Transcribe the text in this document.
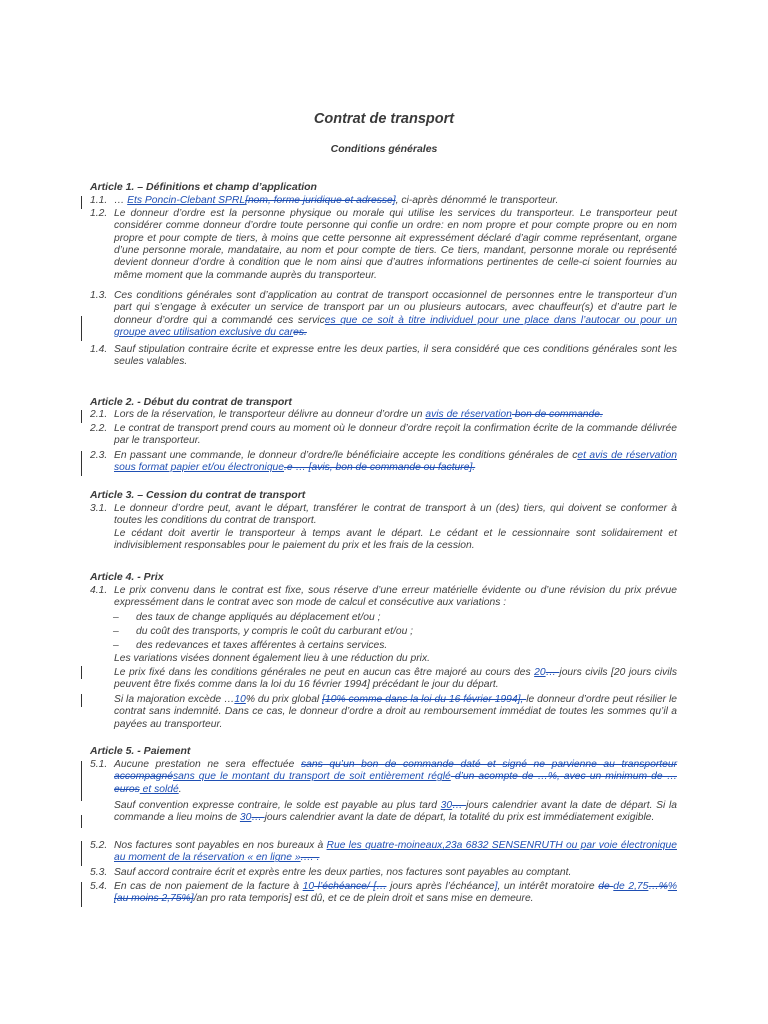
Contrat de transport
Conditions générales
Article 1. – Définitions et champ d’application
1.1. … Ets Poncin-Clebant SPRL[nom, forme juridique et adresse], ci-après dénommé le transporteur.
1.2. Le donneur d’ordre est la personne physique ou morale qui utilise les services du transporteur. Le transporteur peut considérer comme donneur d’ordre toute personne qui confie un ordre: en nom propre et pour compte propre ou en nom propre et pour compte de tiers, à moins que cette personne ait expressément déclaré d’agir comme représentant, organe d’une personne morale, mandataire, au nom et pour compte de tiers. Ce tiers, mandant, personne morale ou représenté devient donneur d’ordre à condition que le nom ainsi que d’autres informations pertinentes de celle-ci soient fournies au même moment que la commande auprès du transporteur.
1.3. Ces conditions générales sont d’application au contrat de transport occasionnel de personnes entre le transporteur d’un part qui s’engage à exécuter un service de transport par un ou plusieurs autocars, avec chauffeur(s) et d’autre part le donneur d’ordre qui a commandé ces services que ce soit à titre individuel pour une place dans l’autocar ou pour un groupe avec utilisation exclusive du cares.
1.4. Sauf stipulation contraire écrite et expresse entre les deux parties, il sera considéré que ces conditions générales sont les seules valables.
Article 2. - Début du contrat de transport
2.1. Lors de la réservation, le transporteur délivre au donneur d’ordre un avis de réservation bon de commande.
2.2. Le contrat de transport prend cours au moment où le donneur d’ordre reçoit la confirmation écrite de la commande délivrée par le transporteur.
2.3. En passant une commande, le donneur d’ordre/le bénéficiaire accepte les conditions générales de cet avis de réservation sous format papier et/ou électronique.e … [avis, bon de commande ou facture].
Article 3. – Cession du contrat de transport
3.1. Le donneur d’ordre peut, avant le départ, transférer le contrat de transport à un (des) tiers, qui doivent se conformer à toutes les conditions du contrat de transport.
Le cédant doit avertir le transporteur à temps avant le départ. Le cédant et le cessionnaire sont solidairement et indivisiblement responsables pour le paiement du prix et les frais de la cession.
Article 4. - Prix
4.1. Le prix convenu dans le contrat est fixe, sous réserve d’une erreur matérielle évidente ou d’une révision du prix prévue expressément dans le contrat avec son mode de calcul et consécutive aux variations :
– des taux de change appliqués au déplacement et/ou ;
– du coût des transports, y compris le coût du carburant et/ou ;
– des redevances et taxes afférentes à certains services.
Les variations visées donnent également lieu à une réduction du prix.
Le prix fixé dans les conditions générales ne peut en aucun cas être majoré au cours des 20… jours civils [20 jours civils peuvent être fixés comme dans la loi du 16 février 1994] précédant le jour du départ.
Si la majoration excède …10% du prix global [10% comme dans la loi du 16 février 1994], le donneur d’ordre peut résilier le contrat sans indemnité. Dans ce cas, le donneur d’ordre a droit au remboursement immédiat de toutes les sommes qu’il a payées au transporteur.
Article 5. - Paiement
5.1. Aucune prestation ne sera effectuée sans qu’un bon de commande daté et signé ne parvienne au transporteur accompagnésans que le montant du transport de soit entièrement réglé d’un acompte de …%, avec un minimum de … euros et soldé.
Sauf convention expresse contraire, le solde est payable au plus tard 30… jours calendrier avant la date de départ. Si la commande a lieu moins de 30… jours calendrier avant la date de départ, la totalité du prix est immédiatement exigible.
5.2. Nos factures sont payables en nos bureaux à Rue les quatre-moineaux,23a 6832 SENSENRUTH ou par voie électronique au moment de la réservation « en ligne ».… .
5.3. Sauf accord contraire écrit et exprès entre les deux parties, nos factures sont payables au comptant.
5.4. En cas de non paiement de la facture à 10 l’échéance/ [… jours après l’échéance], un intérêt moratoire de de 2,75…%% [au moins 2,75%]/an pro rata temporis] est dû, et ce de plein droit et sans mise en demeure.
